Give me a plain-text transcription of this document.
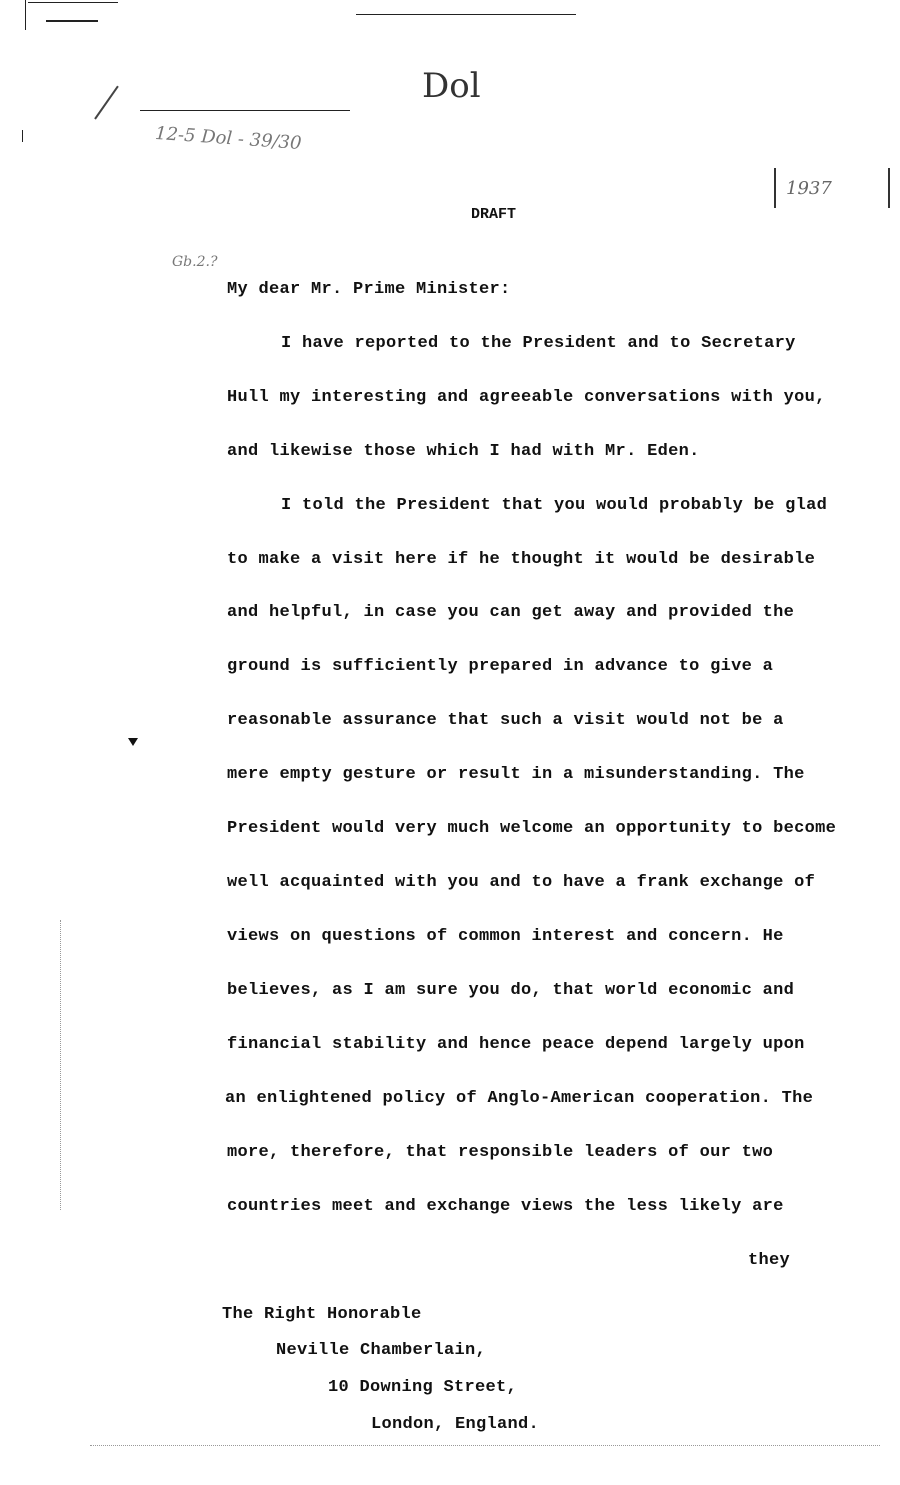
Dol
12-5 Dol - 39/30
Gb.2.?
1937
DRAFT
My dear Mr. Prime Minister:
I have reported to the President and to Secretary
Hull my interesting and agreeable conversations with you,
and likewise those which I had with Mr. Eden.
I told the President that you would probably be glad
to make a visit here if he thought it would be desirable
and helpful, in case you can get away and provided the
ground is sufficiently prepared in advance to give a
reasonable assurance that such a visit would not be a
mere empty gesture or result in a misunderstanding. The
President would very much welcome an opportunity to become
well acquainted with you and to have a frank exchange of
views on questions of common interest and concern. He
believes, as I am sure you do, that world economic and
financial stability and hence peace depend largely upon
an enlightened policy of Anglo-American cooperation. The
more, therefore, that responsible leaders of our two
countries meet and exchange views the less likely are
they
The Right Honorable
Neville Chamberlain,
10 Downing Street,
London, England.
